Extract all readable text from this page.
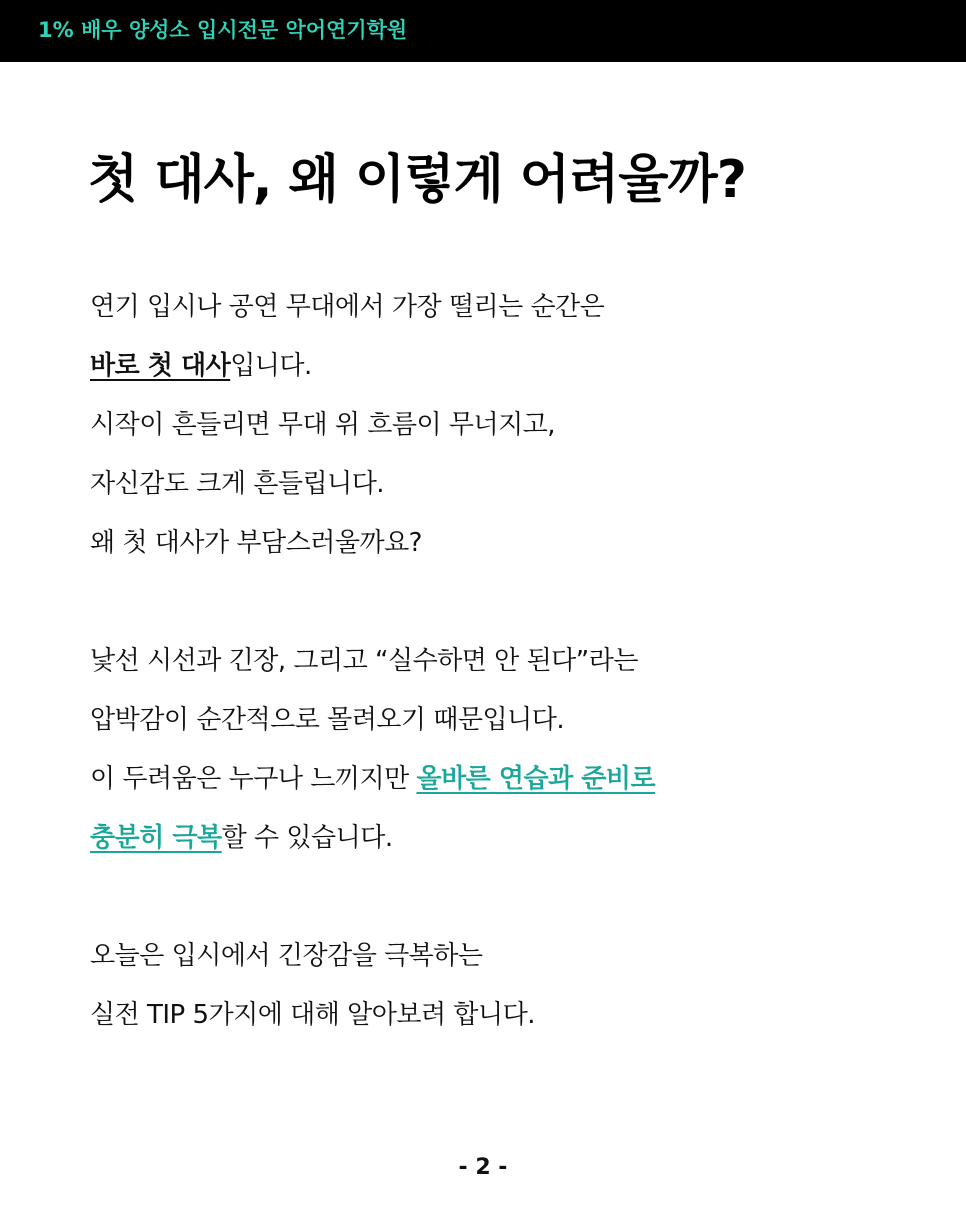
1% 배우 양성소 입시전문 악어연기학원
첫 대사, 왜 이렇게 어려울까?
연기 입시나 공연 무대에서 가장 떨리는 순간은
바로 첫 대사입니다.
시작이 흔들리면 무대 위 흐름이 무너지고,
자신감도 크게 흔들립니다.
왜 첫 대사가 부담스러울까요?
낯선 시선과 긴장, 그리고 “실수하면 안 된다”라는
압박감이 순간적으로 몰려오기 때문입니다.
이 두려움은 누구나 느끼지만 올바른 연습과 준비로
충분히 극복할 수 있습니다.
오늘은 입시에서 긴장감을 극복하는
실전 TIP 5가지에 대해 알아보려 합니다.
- 2 -
